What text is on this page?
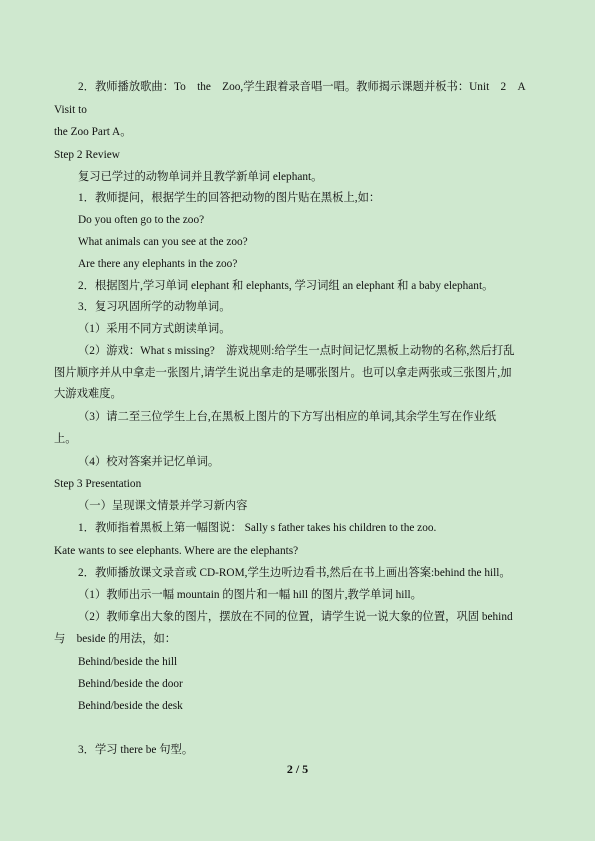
2．教师播放歌曲：To　the　Zoo,学生跟着录音唱一唱。教师揭示课题并板书：Unit　2　A
Visit to
the Zoo Part A。
Step 2 Review
复习已学过的动物单词并且教学新单词 elephant。
1．教师提问，根据学生的回答把动物的图片贴在黑板上,如：
Do you often go to the zoo?
What animals can you see at the zoo?
Are there any elephants in the zoo?
2．根据图片,学习单词 elephant 和 elephants, 学习词组 an elephant 和 a baby elephant。
3．复习巩固所学的动物单词。
（1）采用不同方式朗读单词。
（2）游戏：What s missing?　游戏规则:给学生一点时间记忆黑板上动物的名称,然后打乱
图片顺序并从中拿走一张图片,请学生说出拿走的是哪张图片。也可以拿走两张或三张图片,加
大游戏难度。
（3）请二至三位学生上台,在黑板上图片的下方写出相应的单词,其余学生写在作业纸
上。
（4）校对答案并记忆单词。
Step 3 Presentation
（一）呈现课文情景并学习新内容
1．教师指着黑板上第一幅图说： Sally s father takes his children to the zoo.
Kate wants to see elephants. Where are the elephants?
2．教师播放课文录音或 CD-ROM,学生边听边看书,然后在书上画出答案:behind the hill。
（1）教师出示一幅 mountain 的图片和一幅 hill 的图片,教学单词 hill。
（2）教师拿出大象的图片，摆放在不同的位置，请学生说一说大象的位置，巩固 behind
与　beside 的用法，如：
Behind/beside the hill
Behind/beside the door
Behind/beside the desk
3．学习 there be 句型。
2 / 5
